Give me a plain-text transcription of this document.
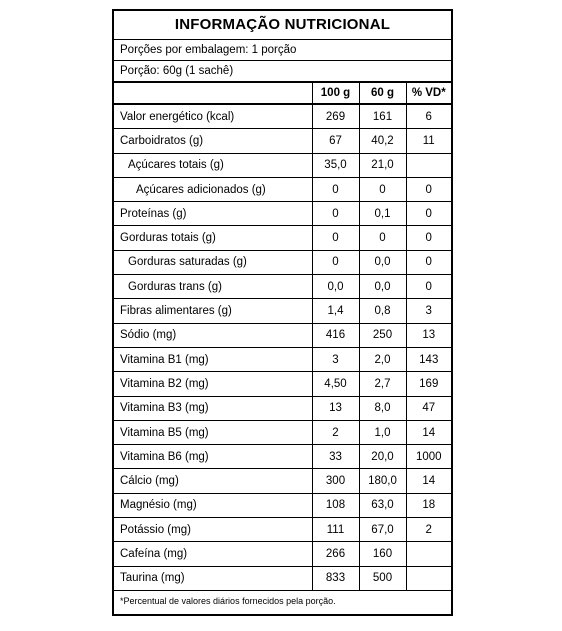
INFORMAÇÃO NUTRICIONAL
Porções por embalagem: 1 porção
Porção: 60g (1 sachê)
	100 g	60 g	% VD*
Valor energético (kcal)	269	161	6
Carboidratos (g)	67	40,2	11
Açúcares totais (g)	35,0	21,0	
Açúcares adicionados (g)	0	0	0
Proteínas (g)	0	0,1	0
Gorduras totais (g)	0	0	0
Gorduras saturadas (g)	0	0,0	0
Gorduras trans (g)	0,0	0,0	0
Fibras alimentares (g)	1,4	0,8	3
Sódio (mg)	416	250	13
Vitamina B1 (mg)	3	2,0	143
Vitamina B2 (mg)	4,50	2,7	169
Vitamina B3 (mg)	13	8,0	47
Vitamina B5 (mg)	2	1,0	14
Vitamina B6 (mg)	33	20,0	1000
Cálcio (mg)	300	180,0	14
Magnésio (mg)	108	63,0	18
Potássio (mg)	111	67,0	2
Cafeína (mg)	266	160	
Taurina (mg)	833	500	
*Percentual de valores diários fornecidos pela porção.
